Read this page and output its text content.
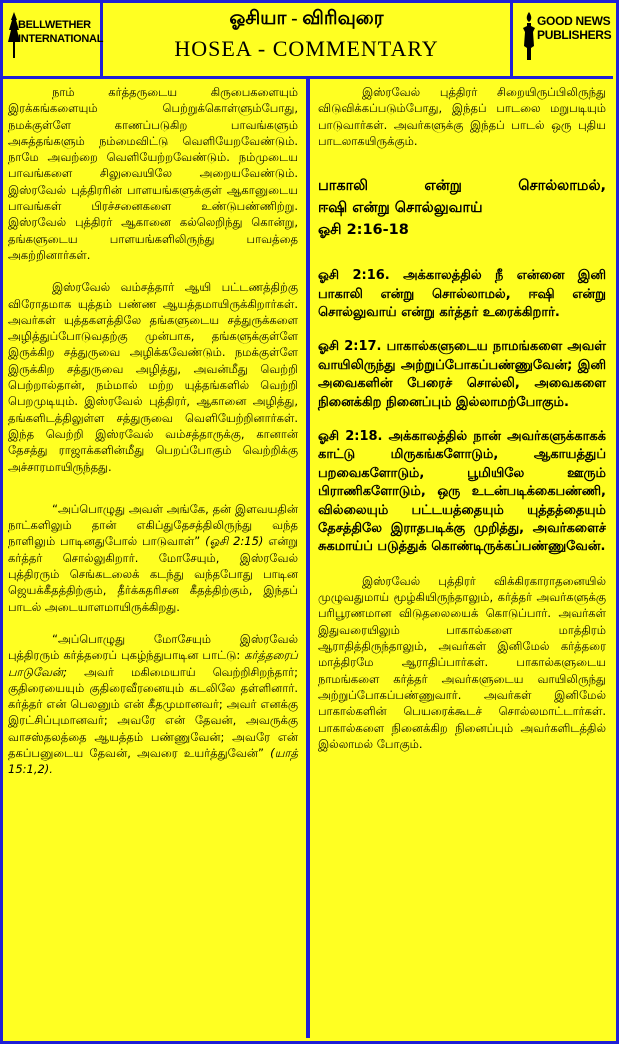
BELLWETHER
INTERNATIONAL
ஓசியா - விரிவுரை
HOSEA - COMMENTARY
GOOD NEWS
PUBLISHERS

நாம் கர்த்தருடைய கிருபைகளையும் இரக்கங்களையும் பெற்றுக்கொள்ளும்போது, நமக்குள்ளே காணப்படுகிற பாவங்களும் அசுத்தங்களும் நம்மைவிட்டு வெளியேறவேண்டும். நாமே அவற்றை வெளியேற்றவேண்டும். நம்முடைய பாவங்களை சிலுவையிலே அறையவேண்டும். இஸ்ரவேல் புத்திரரின் பாளயங்களுக்குள் ஆகானுடைய பாவங்கள் பிரச்சனைகளை உண்டுபண்ணிற்று. இஸ்ரவேல் புத்திரர் ஆகானை கல்லெறிந்து கொன்று, தங்களுடைய பாளயங்களிலிருந்து பாவத்தை அகற்றினார்கள்.

இஸ்ரவேல் வம்சத்தார் ஆயி பட்டணத்திற்கு விரோதமாக யுத்தம் பண்ண ஆயத்தமாயிருக்கிறார்கள். அவர்கள் யுத்தகளத்திலே தங்களுடைய சத்துருக்களை அழித்துப்போடுவதற்கு முன்பாக, தங்களுக்குள்ளே இருக்கிற சத்துருவை அழிக்கவேண்டும். நமக்குள்ளே இருக்கிற சத்துருவை அழித்து, அவன்மீது வெற்றி பெற்றால்தான், நம்மால் மற்ற யுத்தங்களில் வெற்றி பெறமுடியும். இஸ்ரவேல் புத்திரர், ஆகானை அழித்து, தங்களிடத்திலுள்ள சத்துருவை வெளியேற்றினார்கள். இந்த வெற்றி இஸ்ரவேல் வம்சத்தாருக்கு, கானான் தேசத்து ராஜாக்களின்மீது பெறப்போகும் வெற்றிக்கு அச்சாரமாயிருந்தது.

“அப்பொழுது அவள் அங்கே, தன் இளவயதின் நாட்களிலும் தான் எகிப்துதேசத்திலிருந்து வந்த நாளிலும் பாடினதுபோல் பாடுவாள்” (ஓசி 2:15) என்று கர்த்தர் சொல்லுகிறார். மோசேயும், இஸ்ரவேல் புத்திரரும் செங்கடலைக் கடந்து வந்தபோது பாடின ஜெயக்கீதத்திற்கும், தீர்க்கதரிசன கீதத்திற்கும், இந்தப் பாடல் அடையாளமாயிருக்கிறது.

“அப்பொழுது மோசேயும் இஸ்ரவேல் புத்திரரும் கர்த்தரைப் புகழ்ந்துபாடின பாட்டு: கர்த்தரைப் பாடுவேன்; அவர் மகிமையாய் வெற்றிசிறந்தார்; குதிரையையும் குதிரைவீரனையும் கடலிலே தள்ளினார். கர்த்தர் என் பெலனும் என் கீதமுமானவர்; அவர் எனக்கு இரட்சிப்புமானவர்; அவரே என் தேவன், அவருக்கு வாசஸ்தலத்தை ஆயத்தம் பண்ணுவேன்; அவரே என் தகப்பனுடைய தேவன், அவரை உயர்த்துவேன்” (யாத் 15:1,2).

இஸ்ரவேல் புத்திரர் சிறையிருப்பிலிருந்து விடுவிக்கப்படும்போது, இந்தப் பாடலை மறுபடியும் பாடுவார்கள். அவர்களுக்கு இந்தப் பாடல் ஒரு புதிய பாடலாகயிருக்கும்.

பாகாலி என்று சொல்லாமல்,
ஈஷி என்று சொல்லுவாய்
ஓசி 2:16-18

ஓசி 2:16. அக்காலத்தில் நீ என்னை இனி பாகாலி என்று சொல்லாமல், ஈஷி என்று சொல்லுவாய் என்று கர்த்தர் உரைக்கிறார்.

ஓசி 2:17. பாகால்களுடைய நாமங்களை அவள் வாயிலிருந்து அற்றுப்போகப்பண்ணுவேன்; இனி அவைகளின் பேரைச் சொல்லி, அவைகளை நினைக்கிற நினைப்பும் இல்லாமற்போகும்.

ஓசி 2:18. அக்காலத்தில் நான் அவர்களுக்காகக் காட்டு மிருகங்களோடும், ஆகாயத்துப் பறவைகளோடும், பூமியிலே ஊரும் பிராணிகளோடும், ஒரு உடன்படிக்கைபண்ணி, வில்லையும் பட்டயத்தையும் யுத்தத்தையும் தேசத்திலே இராதபடிக்கு முறித்து, அவர்களைச் சுகமாய்ப் படுத்துக் கொண்டிருக்கப்பண்ணுவேன்.

இஸ்ரவேல் புத்திரர் விக்கிரகாராதனையில் முழுவதுமாய் மூழ்கியிருந்தாலும், கர்த்தர் அவர்களுக்கு பரிபூரணமான விடுதலையைக் கொடுப்பார். அவர்கள் இதுவரையிலும் பாகால்களை மாத்திரம் ஆராதித்திருந்தாலும், அவர்கள் இனிமேல் கர்த்தரை மாத்திரமே ஆராதிப்பார்கள். பாகால்களுடைய நாமங்களை கர்த்தர் அவர்களுடைய வாயிலிருந்து அற்றுப்போகப்பண்ணுவார். அவர்கள் இனிமேல் பாகால்களின் பெயரைக்கூடச் சொல்லமாட்டார்கள். பாகால்களை நினைக்கிற நினைப்பும் அவர்களிடத்தில் இல்லாமல் போகும்.
